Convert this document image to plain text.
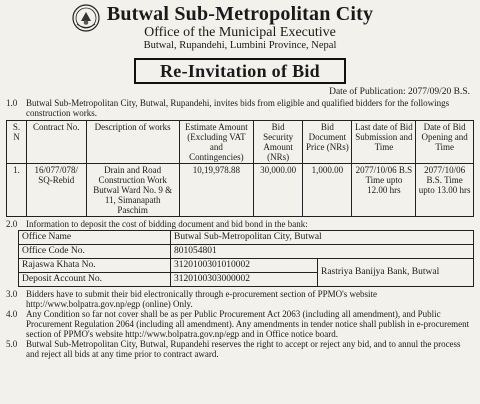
Butwal Sub-Metropolitan City
Office of the Municipal Executive
Butwal, Rupandehi, Lumbini Province, Nepal
Re-Invitation of Bid
Date of Publication: 2077/09/20 B.S.
1.0 Butwal Sub-Metropolitan City, Butwal, Rupandehi, invites bids from eligible and qualified bidders for the followings construction works.
S. N	Contract No.	Description of works	Estimate Amount (Excluding VAT and Contingencies)	Bid Security Amount (NRs)	Bid Document Price (NRs)	Last date of Bid Submission and Time	Date of Bid Opening and Time
1.	16/077/078/ SQ-Rebid	Drain and Road Construction Work Butwal Ward No. 9 & 11, Simanapath Paschim	10,19,978.88	30,000.00	1,000.00	2077/10/06 B.S Time upto 12.00 hrs	2077/10/06 B.S. Time upto 13.00 hrs
2.0 Information to deposit the cost of bidding document and bid bond in the bank:
Office Name	Butwal Sub-Metropolitan City, Butwal	
Office Code No.	801054801	
Rajaswa Khata No.	3120100301010002	Rastriya Banijya Bank, Butwal
Deposit Account No.	3120100303000002	
3.0 Bidders have to submit their bid electronically through e-procurement section of PPMO's website http://www.bolpatra.gov.np/egp (online) Only.
4.0 Any Condition so far not cover shall be as per Public Procurement Act 2063 (including all amendment), and Public Procurement Regulation 2064 (including all amendment). Any amendments in tender notice shall publish in e-procurement section of PPMO's website http://www.bolpatra.gov.np/egp and in Office notice board.
5.0 Butwal Sub-Metropolitan City, Butwal, Rupandehi reserves the right to accept or reject any bid, and to annul the process and reject all bids at any time prior to contract award.
